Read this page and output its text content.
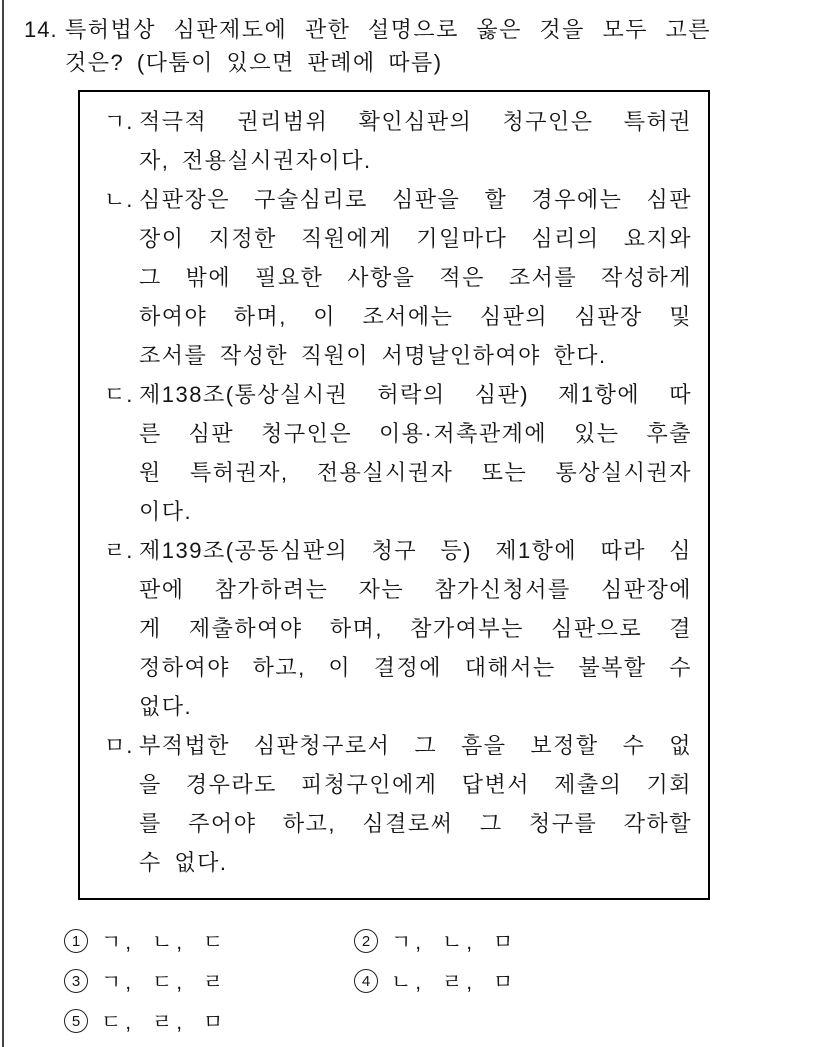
14. 특허법상 심판제도에 관한 설명으로 옳은 것을 모두 고른
것은? (다툼이 있으면 판례에 따름)
ㄱ. 적극적 권리범위 확인심판의 청구인은 특허권
자, 전용실시권자이다.
ㄴ. 심판장은 구술심리로 심판을 할 경우에는 심판
장이 지정한 직원에게 기일마다 심리의 요지와
그 밖에 필요한 사항을 적은 조서를 작성하게
하여야 하며, 이 조서에는 심판의 심판장 및
조서를 작성한 직원이 서명날인하여야 한다.
ㄷ. 제138조(통상실시권 허락의 심판) 제1항에 따
른 심판 청구인은 이용·저촉관계에 있는 후출
원 특허권자, 전용실시권자 또는 통상실시권자
이다.
ㄹ. 제139조(공동심판의 청구 등) 제1항에 따라 심
판에 참가하려는 자는 참가신청서를 심판장에
게 제출하여야 하며, 참가여부는 심판으로 결
정하여야 하고, 이 결정에 대해서는 불복할 수
없다.
ㅁ. 부적법한 심판청구로서 그 흠을 보정할 수 없
을 경우라도 피청구인에게 답변서 제출의 기회
를 주어야 하고, 심결로써 그 청구를 각하할
수 없다.
1 ㄱ, ㄴ, ㄷ	2 ㄱ, ㄴ, ㅁ
3 ㄱ, ㄷ, ㄹ	4 ㄴ, ㄹ, ㅁ
5 ㄷ, ㄹ, ㅁ
